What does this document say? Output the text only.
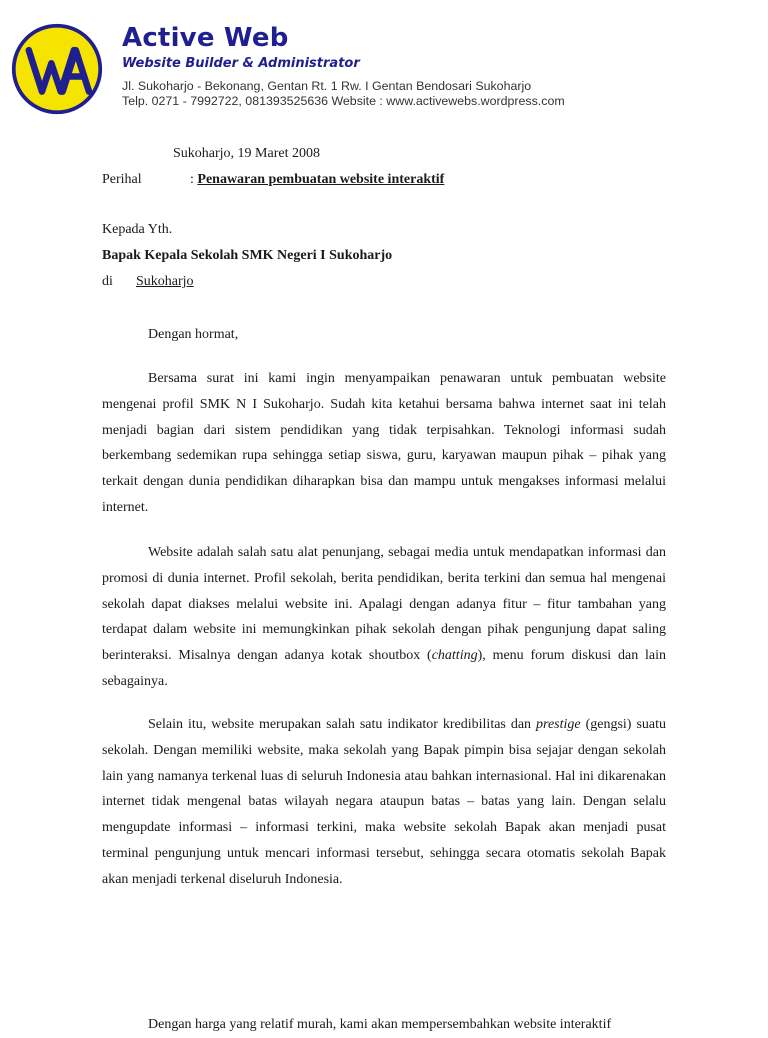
Active Web
Website Builder & Administrator
Jl. Sukoharjo - Bekonang, Gentan Rt. 1 Rw. I Gentan Bendosari Sukoharjo
Telp. 0271 - 7992722, 081393525636 Website : www.activewebs.wordpress.com
Sukoharjo, 19 Maret 2008
Perihal	: Penawaran pembuatan website interaktif
Kepada Yth.
Bapak Kepala Sekolah SMK Negeri I Sukoharjo
di Sukoharjo
Dengan hormat,

Bersama surat ini kami ingin menyampaikan penawaran untuk pembuatan website mengenai profil SMK N I Sukoharjo. Sudah kita ketahui bersama bahwa internet saat ini telah menjadi bagian dari sistem pendidikan yang tidak terpisahkan. Teknologi informasi sudah berkembang sedemikan rupa sehingga setiap siswa, guru, karyawan maupun pihak – pihak yang terkait dengan dunia pendidikan diharapkan bisa dan mampu untuk mengakses informasi melalui internet.

Website adalah salah satu alat penunjang, sebagai media untuk mendapatkan informasi dan promosi di dunia internet. Profil sekolah, berita pendidikan, berita terkini dan semua hal mengenai sekolah dapat diakses melalui website ini. Apalagi dengan adanya fitur – fitur tambahan yang terdapat dalam website ini memungkinkan pihak sekolah dengan pihak pengunjung dapat saling berinteraksi. Misalnya dengan adanya kotak shoutbox (chatting), menu forum diskusi dan lain sebagainya.

Selain itu, website merupakan salah satu indikator kredibilitas dan prestige (gengsi) suatu sekolah. Dengan memiliki website, maka sekolah yang Bapak pimpin bisa sejajar dengan sekolah lain yang namanya terkenal luas di seluruh Indonesia atau bahkan internasional. Hal ini dikarenakan internet tidak mengenal batas wilayah negara ataupun batas – batas yang lain. Dengan selalu mengupdate informasi – informasi terkini, maka website sekolah Bapak akan menjadi pusat terminal pengunjung untuk mencari informasi tersebut, sehingga secara otomatis sekolah Bapak akan menjadi terkenal diseluruh Indonesia.

Dengan harga yang relatif murah, kami akan mempersembahkan website interaktif
